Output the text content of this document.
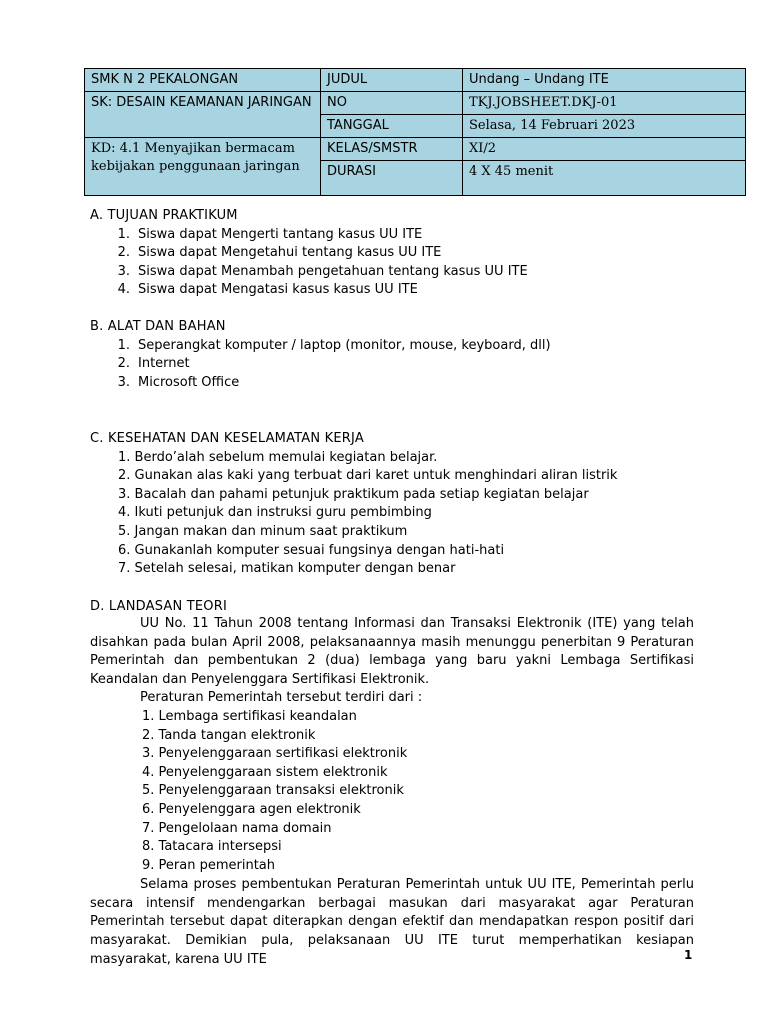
SMK N 2 PEKALONGAN	JUDUL	Undang – Undang ITE
SK: DESAIN KEAMANAN JARINGAN	NO	TKJ.JOBSHEET.DKJ-01
	TANGGAL	Selasa, 14 Februari 2023
KD: 4.1 Menyajikan bermacam kebijakan penggunaan jaringan	KELAS/SMSTR	XI/2
	DURASI	4 X 45 menit
A. TUJUAN PRAKTIKUM
1. Siswa dapat Mengerti tantang kasus UU ITE
2. Siswa dapat Mengetahui tentang kasus UU ITE
3. Siswa dapat Menambah pengetahuan tentang kasus UU ITE
4. Siswa dapat Mengatasi kasus kasus UU ITE
B. ALAT DAN BAHAN
1. Seperangkat komputer / laptop (monitor, mouse, keyboard, dll)
2. Internet
3. Microsoft Office
C. KESEHATAN DAN KESELAMATAN KERJA
1. Berdo’alah sebelum memulai kegiatan belajar.
2. Gunakan alas kaki yang terbuat dari karet untuk menghindari aliran listrik
3. Bacalah dan pahami petunjuk praktikum pada setiap kegiatan belajar
4. Ikuti petunjuk dan instruksi guru pembimbing
5. Jangan makan dan minum saat praktikum
6. Gunakanlah komputer sesuai fungsinya dengan hati-hati
7. Setelah selesai, matikan komputer dengan benar
D. LANDASAN TEORI

UU No. 11 Tahun 2008 tentang Informasi dan Transaksi Elektronik (ITE) yang telah disahkan pada bulan April 2008, pelaksanaannya masih menunggu penerbitan 9 Peraturan Pemerintah dan pembentukan 2 (dua) lembaga yang baru yakni Lembaga Sertifikasi Keandalan dan Penyelenggara Sertifikasi Elektronik.

Peraturan Pemerintah tersebut terdiri dari :

1. Lembaga sertifikasi keandalan
2. Tanda tangan elektronik
3. Penyelenggaraan sertifikasi elektronik
4. Penyelenggaraan sistem elektronik
5. Penyelenggaraan transaksi elektronik
6. Penyelenggara agen elektronik
7. Pengelolaan nama domain
8. Tatacara intersepsi
9. Peran pemerintah

Selama proses pembentukan Peraturan Pemerintah untuk UU ITE, Pemerintah perlu secara intensif mendengarkan berbagai masukan dari masyarakat agar Peraturan Pemerintah tersebut dapat diterapkan dengan efektif dan mendapatkan respon positif dari masyarakat. Demikian pula, pelaksanaan UU ITE turut memperhatikan kesiapan masyarakat, karena UU ITE	1
